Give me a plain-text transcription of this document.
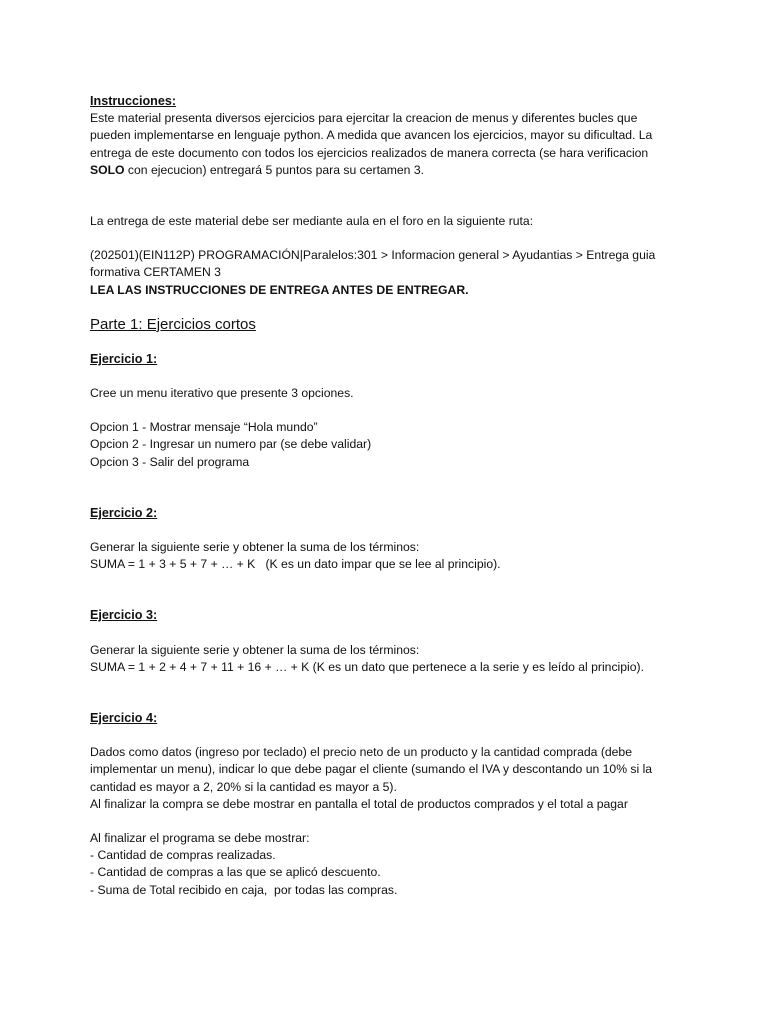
Instrucciones:

Este material presenta diversos ejercicios para ejercitar la creacion de menus y diferentes bucles que
pueden implementarse en lenguaje python. A medida que avancen los ejercicios, mayor su dificultad. La
entrega de este documento con todos los ejercicios realizados de manera correcta (se hara verificacion
SOLO con ejecucion) entregará 5 puntos para su certamen 3.

La entrega de este material debe ser mediante aula en el foro en la siguiente ruta:

(202501)(EIN112P) PROGRAMACIÓN|Paralelos:301 > Informacion general > Ayudantias > Entrega guia
formativa CERTAMEN 3
LEA LAS INSTRUCCIONES DE ENTREGA ANTES DE ENTREGAR.

Parte 1: Ejercicios cortos

Ejercicio 1:

Cree un menu iterativo que presente 3 opciones.

Opcion 1 - Mostrar mensaje “Hola mundo”
Opcion 2 - Ingresar un numero par (se debe validar)
Opcion 3 - Salir del programa

Ejercicio 2:

Generar la siguiente serie y obtener la suma de los términos:
SUMA = 1 + 3 + 5 + 7 + … + K   (K es un dato impar que se lee al principio).

Ejercicio 3:

Generar la siguiente serie y obtener la suma de los términos:
SUMA = 1 + 2 + 4 + 7 + 11 + 16 + … + K (K es un dato que pertenece a la serie y es leído al principio).

Ejercicio 4:

Dados como datos (ingreso por teclado) el precio neto de un producto y la cantidad comprada (debe
implementar un menu), indicar lo que debe pagar el cliente (sumando el IVA y descontando un 10% si la
cantidad es mayor a 2, 20% si la cantidad es mayor a 5).
Al finalizar la compra se debe mostrar en pantalla el total de productos comprados y el total a pagar

Al finalizar el programa se debe mostrar:
- Cantidad de compras realizadas.
- Cantidad de compras a las que se aplicó descuento.
- Suma de Total recibido en caja,  por todas las compras.
